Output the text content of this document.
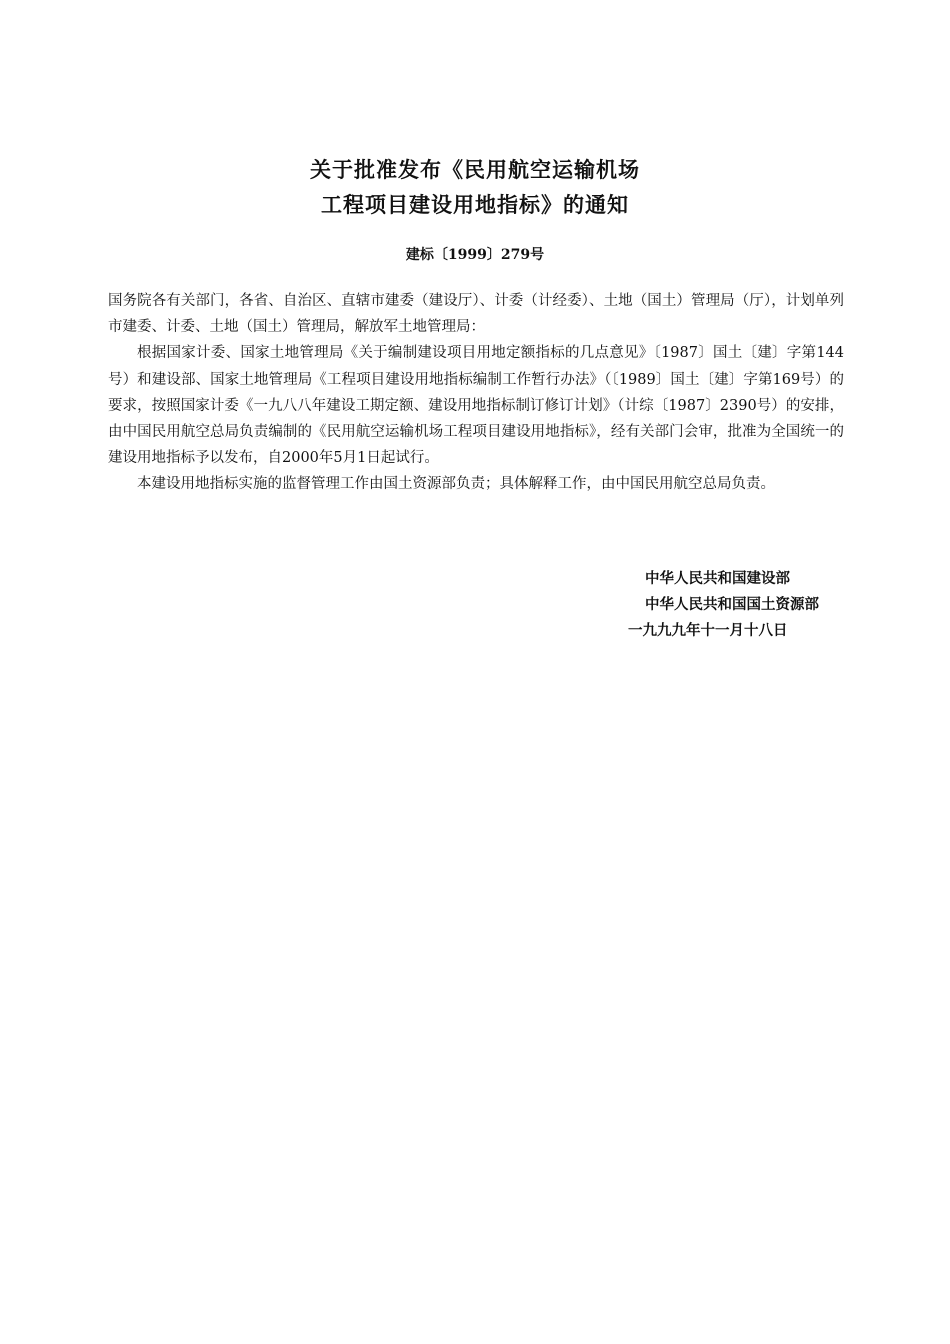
关于批准发布《民用航空运输机场
工程项目建设用地指标》的通知
建标〔1999〕279号

国务院各有关部门，各省、自治区、直辖市建委（建设厅）、计委（计经委）、土地（国土）管理局（厅），计划单列市建委、计委、土地（国土）管理局，解放军土地管理局：

根据国家计委、国家土地管理局《关于编制建设项目用地定额指标的几点意见》〔1987〕国土〔建〕字第144号）和建设部、国家土地管理局《工程项目建设用地指标编制工作暂行办法》（〔1989〕国土〔建〕字第169号）的要求，按照国家计委《一九八八年建设工期定额、建设用地指标制订修订计划》（计综〔1987〕2390号）的安排，由中国民用航空总局负责编制的《民用航空运输机场工程项目建设用地指标》，经有关部门会审，批准为全国统一的建设用地指标予以发布，自2000年5月1日起试行。

本建设用地指标实施的监督管理工作由国土资源部负责；具体解释工作，由中国民用航空总局负责。

中华人民共和国建设部
中华人民共和国国土资源部
一九九九年十一月十八日
